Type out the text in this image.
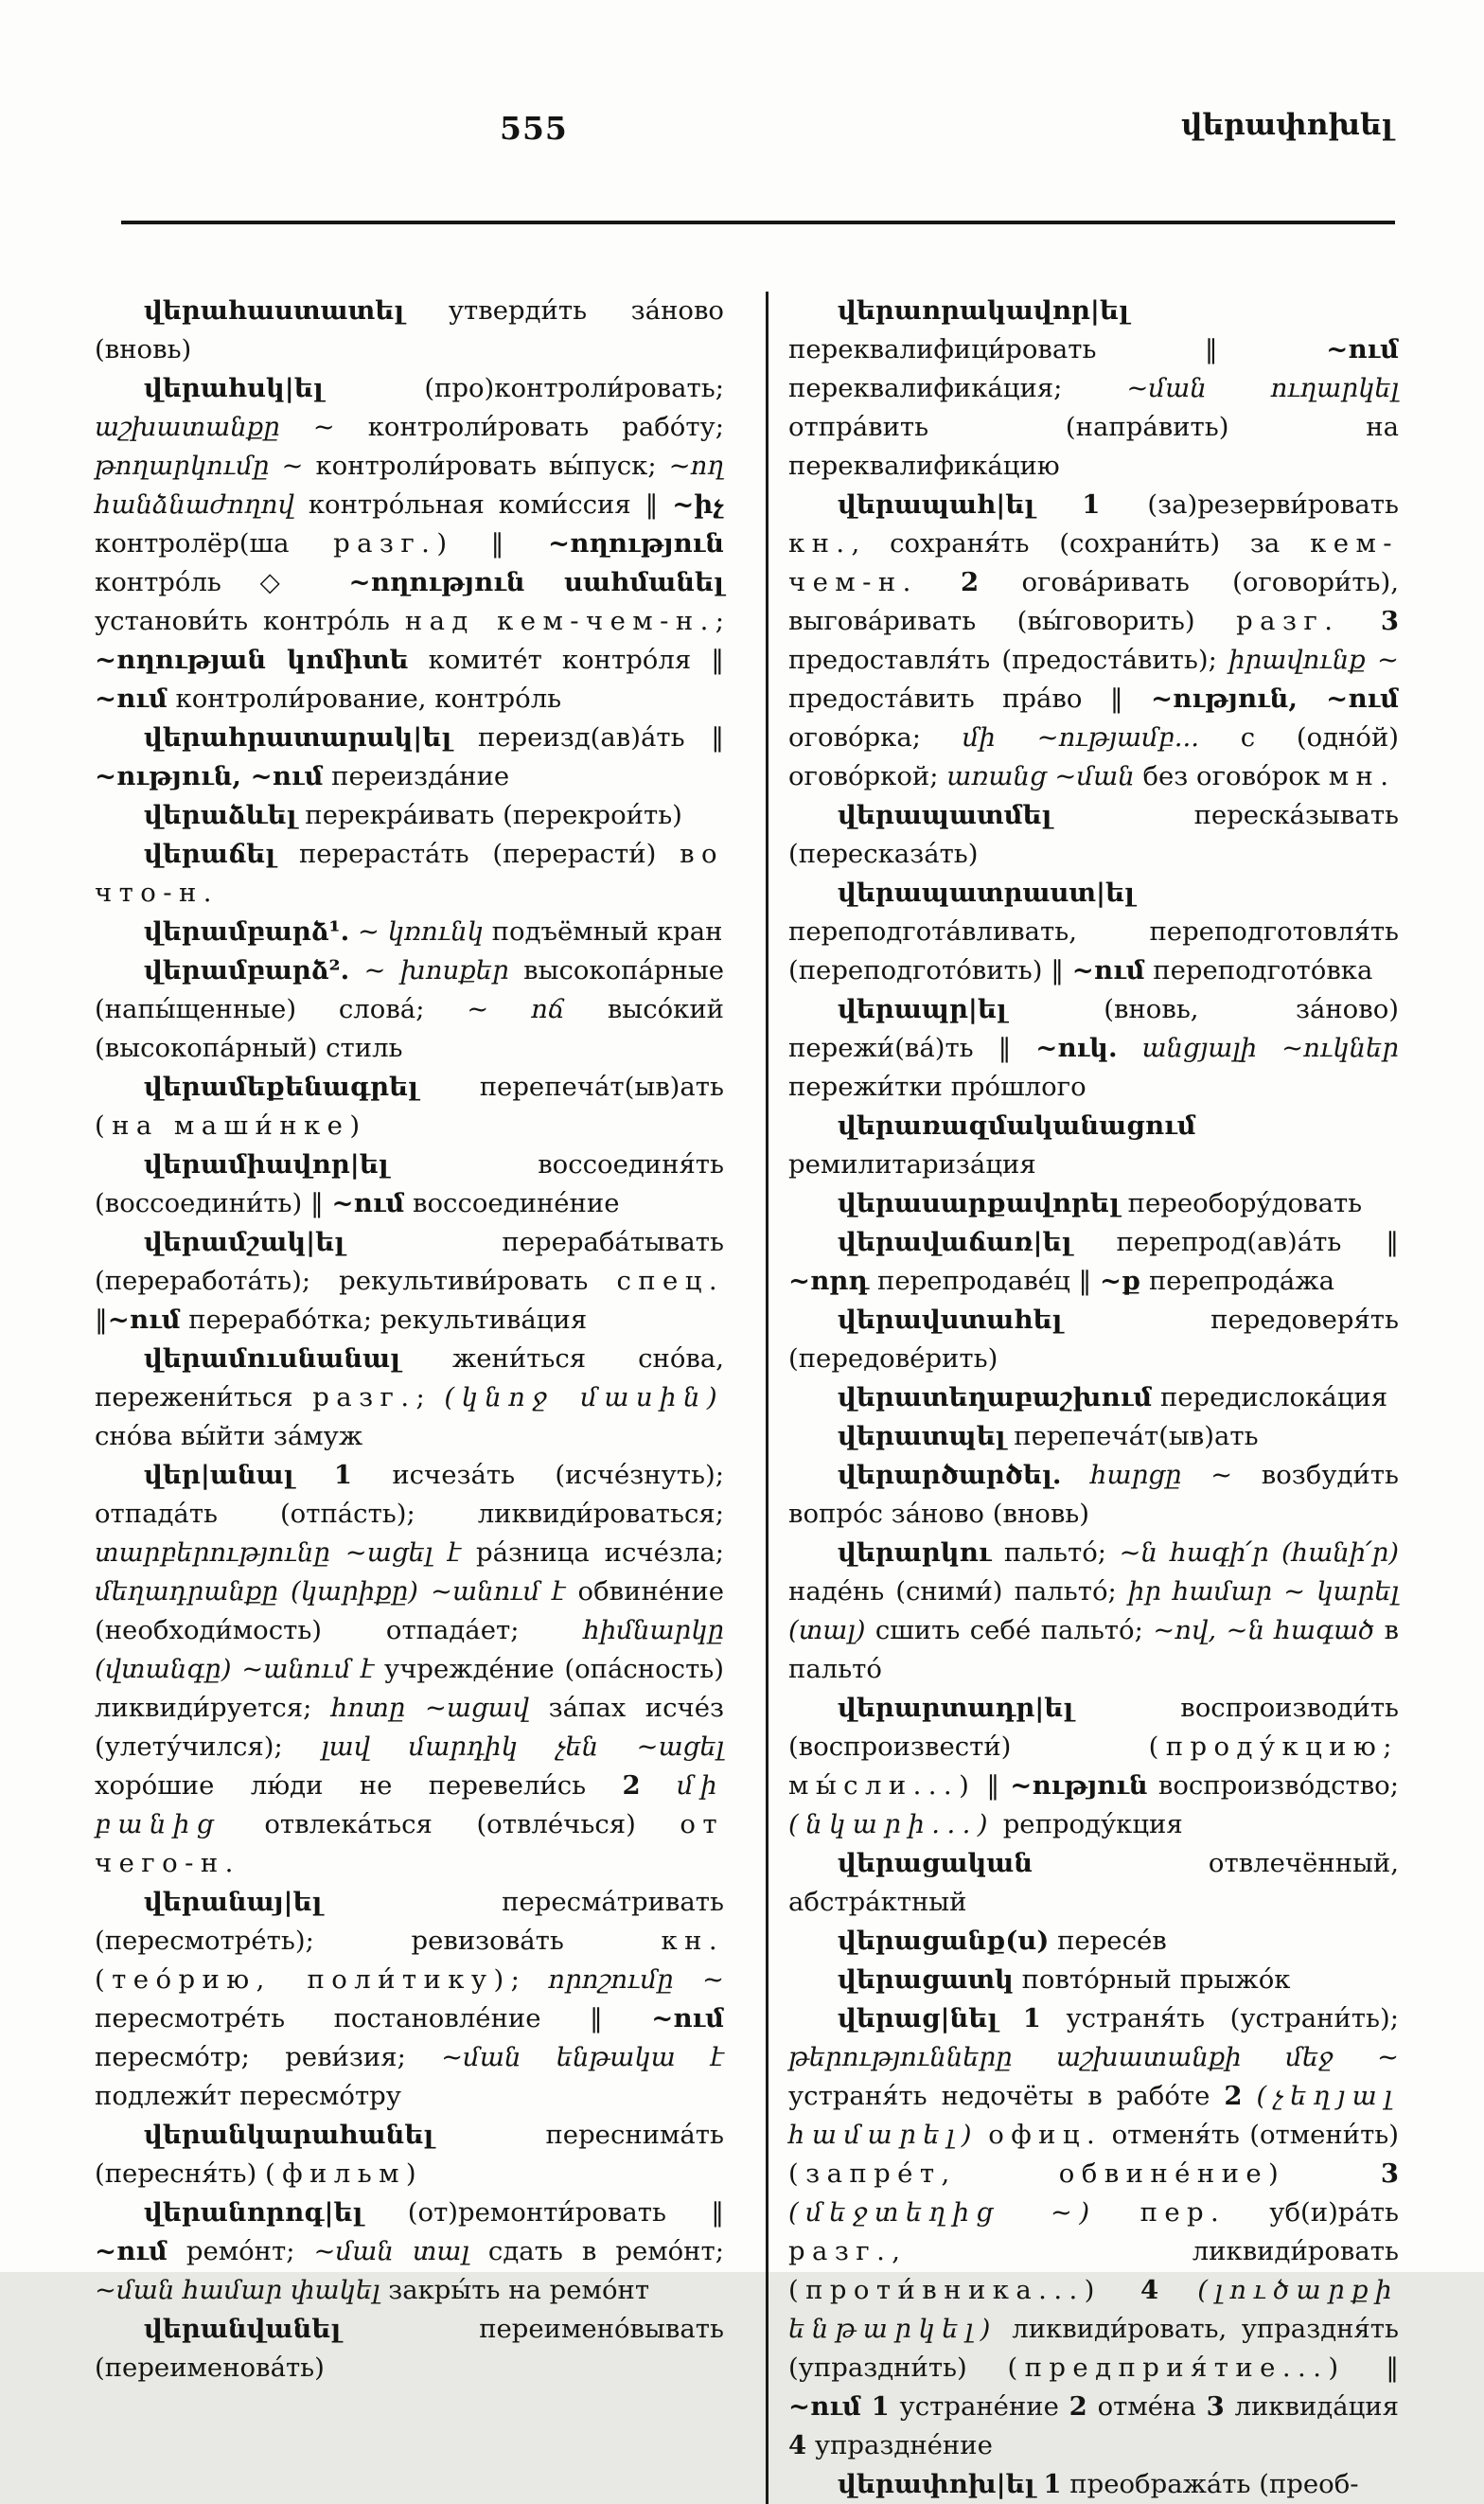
555	վերափոխել

վերահաստատել утверди́ть за́ново (вновь)

վերահսկ|ել (про)контроли́ровать; աշխատանքը ~ контроли́ровать рабо́ту; թողարկումը ~ контроли́ровать вы́пуск; ~ող հանձնաժողով контро́льная коми́ссия ‖ ~իչ контролёр(ша разг.) ‖ ~ողություն контро́ль ◇ ~ողություն սահմանել установи́ть контро́ль над кем-чем-н.; ~ողության կոմիտե комите́т контро́ля ‖ ~ում контроли́рование, контро́ль

վերահրատարակ|ել переизд(ав)а́ть ‖ ~ություն, ~ում переизда́ние

վերաձևել перекра́ивать (перекрои́ть)

վերաճել перераста́ть (перерасти́) во что-н.

վերամբարձ¹. ~ կռունկ подъёмный кран

վերամբարձ². ~ խոսքեր высокопа́рные (напы́щенные) слова́; ~ ոճ высо́кий (высокопа́рный) стиль

վերամեքենագրել перепеча́т(ыв)ать (на маши́нке)

վերամիավոր|ել воссоединя́ть (воссоедини́ть) ‖ ~ում воссоедине́ние

վերամշակ|ել перераба́тывать (переработа́ть); рекультиви́ровать спец. ‖~ում перерабо́тка; рекультива́ция

վերամուսնանալ жени́ться сно́ва, пережени́ться разг.; (կնոջ մասին) сно́ва вы́йти за́муж

վեր|անալ 1 исчеза́ть (исче́знуть); отпада́ть (отпа́сть); ликвиди́роваться; տարբերությունը ~ացել է ра́зница исче́зла; մեղադրանքը (կարիքը) ~անում է обвине́ние (необходи́мость) отпада́ет; հիմնարկը (վտանգը) ~անում է учрежде́ние (опа́сность) ликвиди́руется; հոտը ~ացավ за́пах исче́з (улету́чился); լավ մարդիկ չեն ~ացել хоро́шие лю́ди не перевели́сь 2 մի բանից отвлека́ться (отвле́чься) от чего-н.

վերանայ|ել пересма́тривать (пересмотре́ть); ревизова́ть кн. (тео́рию, поли́тику); որոշումը ~ пересмотре́ть постановле́ние ‖ ~ում пересмо́тр; реви́зия; ~ման ենթակա է подлежи́т пересмо́тру

վերանկարահանել переснима́ть (пересня́ть) (фильм)

վերանորոգ|ել (от)ремонти́ровать ‖ ~ում ремо́нт; ~ման տալ сдать в ремо́нт; ~ման համար փակել закры́ть на ремо́нт

վերանվանել переимено́вывать (переименова́ть)

վերաորակավոր|ել переквалифици́ровать ‖ ~ում переквалифика́ция; ~ման ուղարկել отпра́вить (напра́вить) на переквалифика́цию

վերապահ|ել 1 (за)резерви́ровать кн., сохраня́ть (сохрани́ть) за кем-чем-н. 2 огова́ривать (оговори́ть), выгова́ривать (вы́говорить) разг. 3 предоставля́ть (предоста́вить); իրավունք ~ предоста́вить пра́во ‖ ~ություն, ~ում огово́рка; մի ~ությամբ... с (одно́й) огово́ркой; առանց ~ման без огово́рок мн.

վերապատմել переска́зывать (пересказа́ть)

վերապատրաստ|ել переподгота́вливать, переподготовля́ть (переподгото́вить) ‖ ~ում переподгото́вка

վերապր|ել (вновь, за́ново) пережи́(ва́)ть ‖ ~ուկ. անցյալի ~ուկներ пережи́тки про́шлого

վերառազմականացում ремилитариза́ция

վերասարքավորել переобору́довать

վերավաճառ|ել перепрод(ав)а́ть ‖ ~որդ перепродаве́ц ‖ ~ք перепрода́жа

վերավստահել передоверя́ть (передове́рить)

վերատեղաբաշխում передислока́ция

վերատպել перепеча́т(ыв)ать

վերարծարծել. հարցը ~ возбуди́ть вопро́с за́ново (вновь)

վերարկու пальто́; ~ն հագի՛ր (հանի՛ր) наде́нь (сними́) пальто́; իր համար ~ կարել (տալ) сшить себе́ пальто́; ~ով, ~ն հագած в пальто́

վերարտադր|ել воспроизводи́ть (воспроизвести́) (проду́кцию; мы́сли...) ‖ ~ություն воспроизво́дство; (նկարի...) репроду́кция

վերացական отвлечённый, абстра́ктный

վերացանք(ս) пересе́в

վերացատկ повто́рный прыжо́к

վերաց|նել 1 устраня́ть (устрани́ть); թերությունները աշխատանքի մեջ ~ устраня́ть недочёты в рабо́те 2 (չեղյալ համարել) офиц. отменя́ть (отмени́ть) (запре́т, обвине́ние)	3 (մեջտեղից ~) пер. уб(и)ра́ть разг., ликвиди́ровать (проти́вника...) 4 (լուծարքի ենթարկել) ликвиди́ровать, упраздня́ть (упраздни́ть) (предприя́тие...) ‖ ~ում 1 устране́ние 2 отме́на 3 ликвида́ция 4 упраздне́ние

վերափոխ|ել 1 преобража́ть (преоб-
